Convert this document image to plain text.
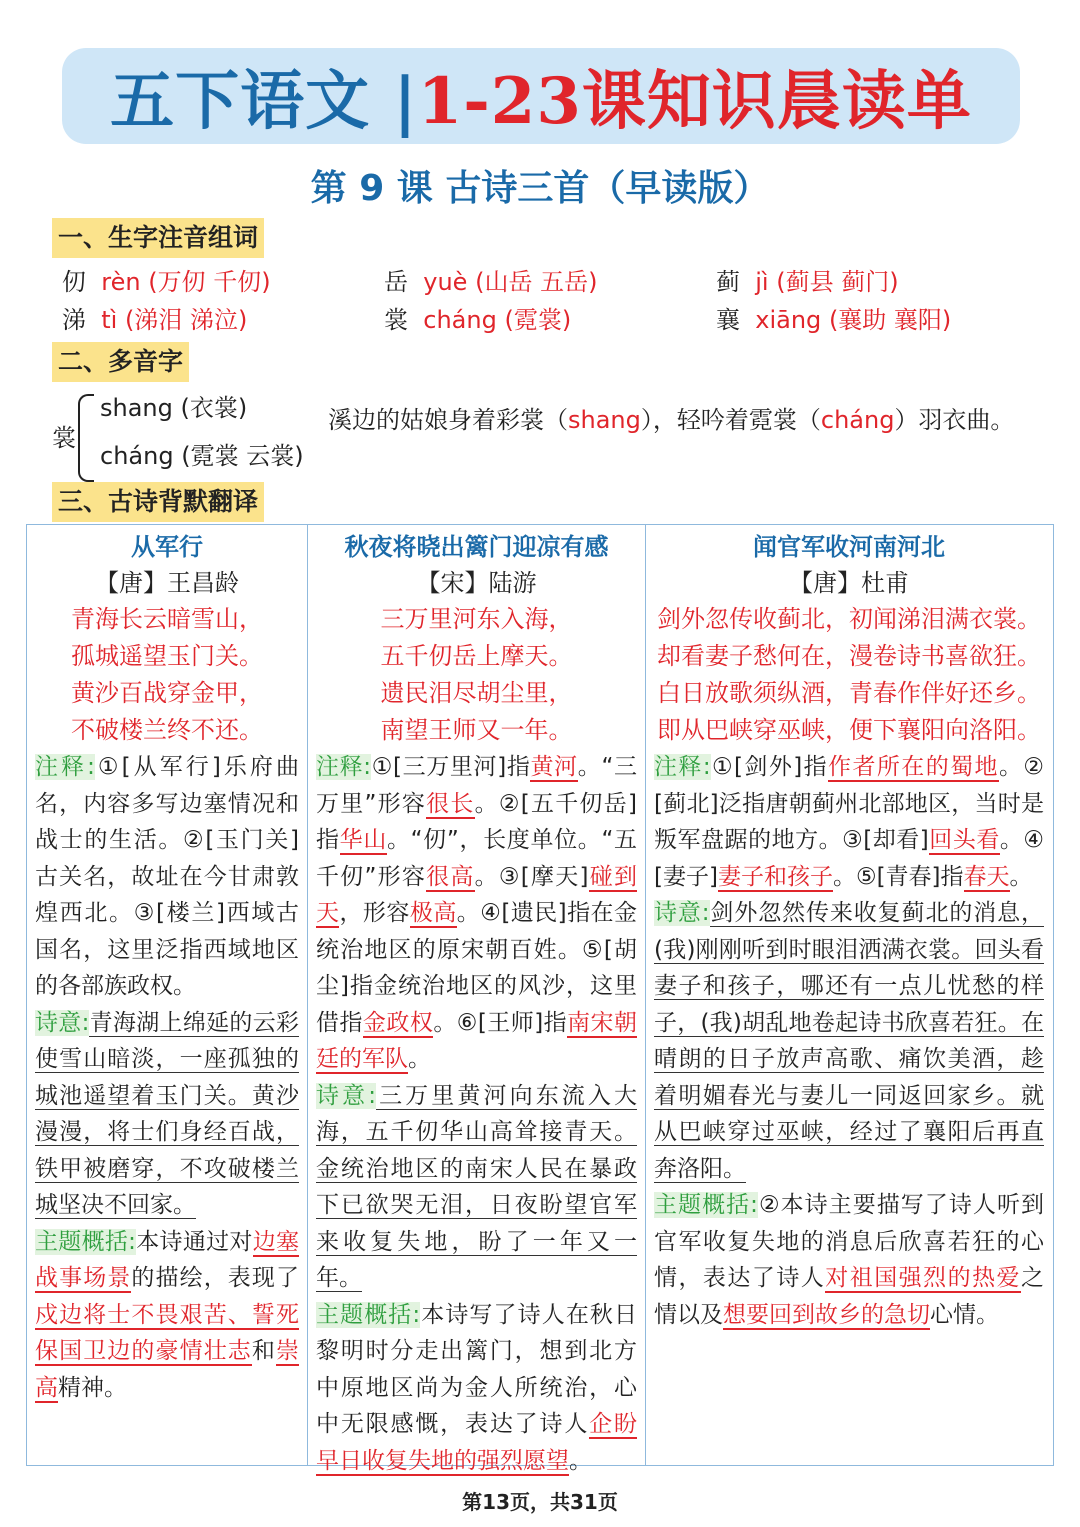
五下语文 | 1-23课知识晨读单
第 9 课 古诗三首（早读版）
一、生字注音组词
仞 rèn (万仞 千仞)	岳 yuè (山岳 五岳)	蓟 jì (蓟县 蓟门)
涕 tì (涕泪 涕泣)	裳 cháng (霓裳)	襄 xiāng (襄助 襄阳)
二、多音字
裳
shang (衣裳)
cháng (霓裳 云裳)
溪边的姑娘身着彩裳（shang），轻吟着霓裳（cháng）羽衣曲。
三、古诗背默翻译
从军行
【唐】王昌龄
青海长云暗雪山，
孤城遥望玉门关。
黄沙百战穿金甲，
不破楼兰终不还。

注释:①[从军行]乐府曲名，内容多写边塞情况和战士的生活。②[玉门关]古关名，故址在今甘肃敦煌西北。③[楼兰]西域古国名，这里泛指西域地区的各部族政权。

诗意:青海湖上绵延的云彩使雪山暗淡，一座孤独的城池遥望着玉门关。黄沙漫漫，将士们身经百战，铁甲被磨穿，不攻破楼兰城坚决不回家。

主题概括:本诗通过对边塞战事场景的描绘，表现了戍边将士不畏艰苦、誓死保国卫边的豪情壮志和崇高精神。

秋夜将晓出篱门迎凉有感
【宋】陆游
三万里河东入海，
五千仞岳上摩天。
遗民泪尽胡尘里，
南望王师又一年。

注释:①[三万里河]指黄河。“三万里”形容很长。②[五千仞岳]指华山。“仞”，长度单位。“五千仞”形容很高。③[摩天]碰到天，形容极高。④[遗民]指在金统治地区的原宋朝百姓。⑤[胡尘]指金统治地区的风沙，这里借指金政权。⑥[王师]指南宋朝廷的军队。

诗意:三万里黄河向东流入大海，五千仞华山高耸接青天。金统治地区的南宋人民在暴政下已欲哭无泪，日夜盼望官军来收复失地，盼了一年又一年。

主题概括:本诗写了诗人在秋日黎明时分走出篱门，想到北方中原地区尚为金人所统治，心中无限感慨，表达了诗人企盼早日收复失地的强烈愿望。

闻官军收河南河北
【唐】杜甫
剑外忽传收蓟北，初闻涕泪满衣裳。
却看妻子愁何在，漫卷诗书喜欲狂。
白日放歌须纵酒，青春作伴好还乡。
即从巴峡穿巫峡，便下襄阳向洛阳。

注释:①[剑外]指作者所在的蜀地。②[蓟北]泛指唐朝蓟州北部地区，当时是叛军盘踞的地方。③[却看]回头看。④[妻子]妻子和孩子。⑤[青春]指春天。

诗意:剑外忽然传来收复蓟北的消息，(我)刚刚听到时眼泪洒满衣裳。回头看妻子和孩子，哪还有一点儿忧愁的样子，(我)胡乱地卷起诗书欣喜若狂。在晴朗的日子放声高歌、痛饮美酒，趁着明媚春光与妻儿一同返回家乡。就从巴峡穿过巫峡，经过了襄阳后再直奔洛阳。

主题概括:②本诗主要描写了诗人听到官军收复失地的消息后欣喜若狂的心情，表达了诗人对祖国强烈的热爱之情以及想要回到故乡的急切心情。

第13页，共31页
